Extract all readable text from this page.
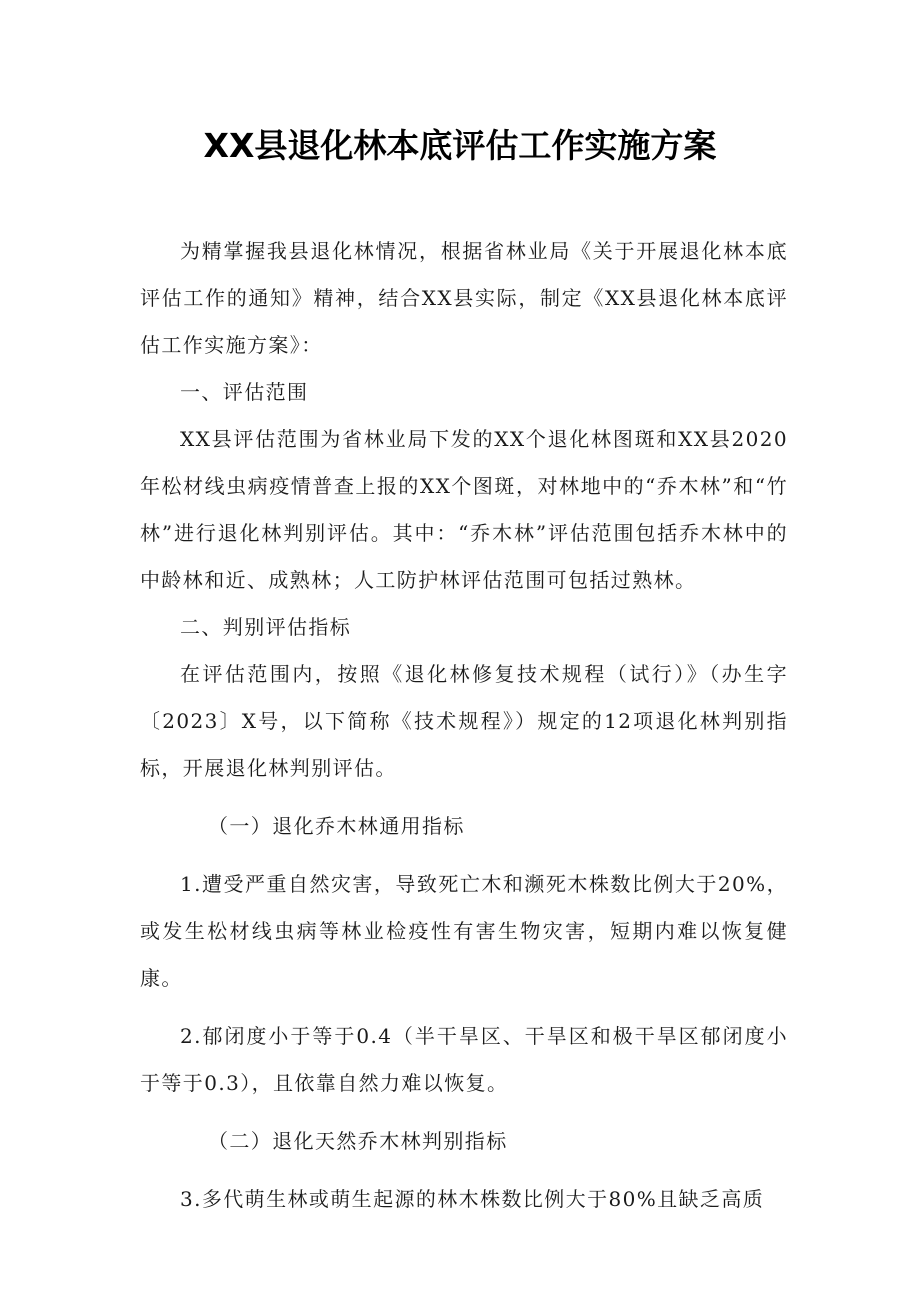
XX县退化林本底评估工作实施方案

为精掌握我县退化林情况，根据省林业局《关于开展退化林本底评估工作的通知》精神，结合XX县实际，制定《XX县退化林本底评估工作实施方案》：

一、评估范围

XX县评估范围为省林业局下发的XX个退化林图斑和XX县2020年松材线虫病疫情普查上报的XX个图斑，对林地中的“乔木林”和“竹林”进行退化林判别评估。其中：“乔木林”评估范围包括乔木林中的中龄林和近、成熟林；人工防护林评估范围可包括过熟林。

二、判别评估指标

在评估范围内，按照《退化林修复技术规程（试行）》（办生字〔2023〕X号，以下简称《技术规程》）规定的12项退化林判别指标，开展退化林判别评估。

（一）退化乔木林通用指标

1.遭受严重自然灾害，导致死亡木和濒死木株数比例大于20%，或发生松材线虫病等林业检疫性有害生物灾害，短期内难以恢复健康。

2.郁闭度小于等于0.4（半干旱区、干旱区和极干旱区郁闭度小于等于0.3），且依靠自然力难以恢复。

（二）退化天然乔木林判别指标

3.多代萌生林或萌生起源的林木株数比例大于80%且缺乏高质
